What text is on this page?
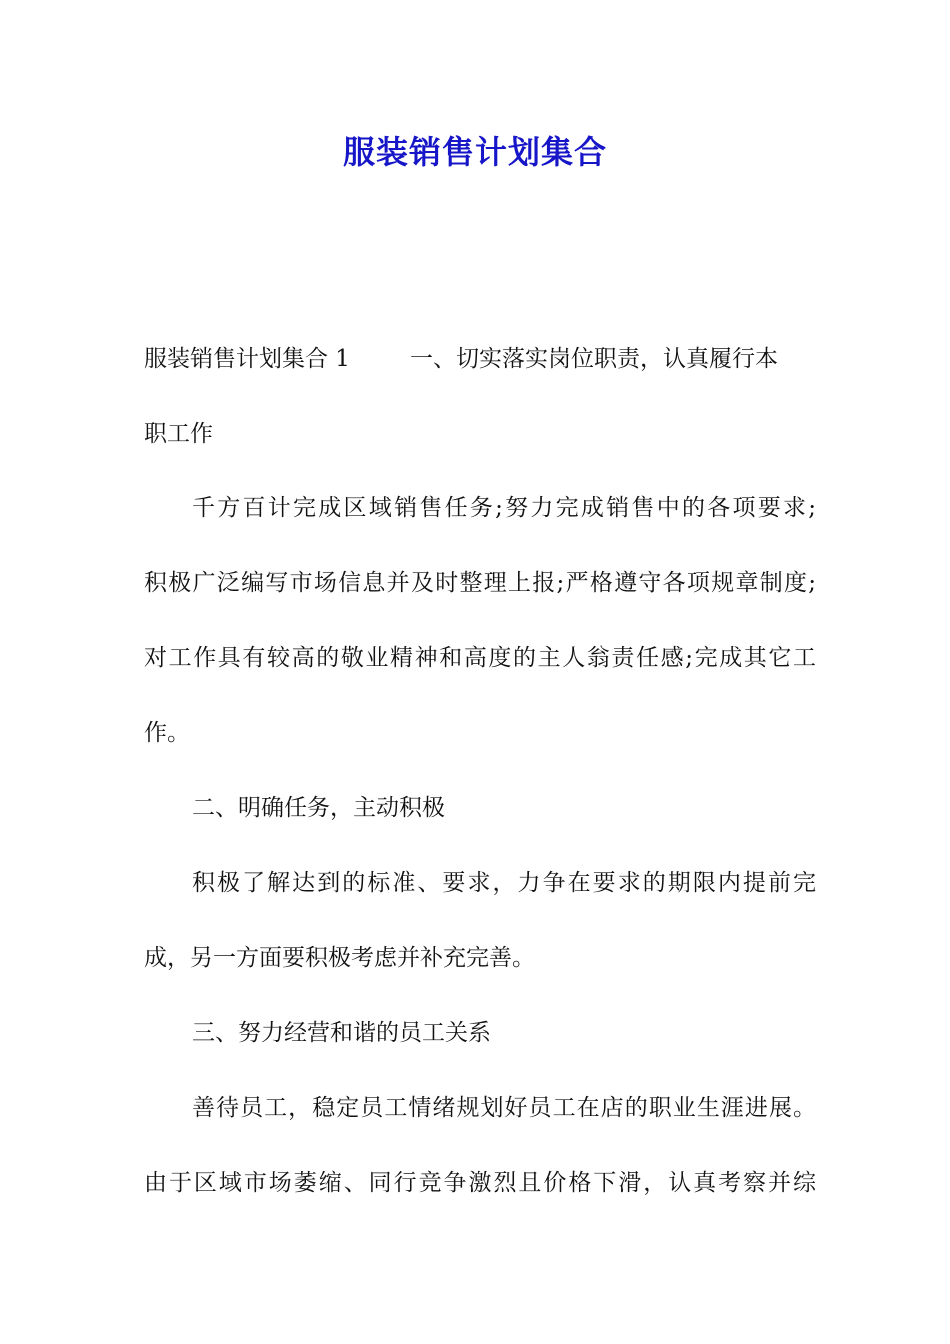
服装销售计划集合

服装销售计划集合 1	一、切实落实岗位职责，认真履行本

职工作

千方百计完成区域销售任务;努力完成销售中的各项要求;

积极广泛编写市场信息并及时整理上报;严格遵守各项规章制度;

对工作具有较高的敬业精神和高度的主人翁责任感;完成其它工

作。

二、明确任务，主动积极

积极了解达到的标准、要求，力争在要求的期限内提前完

成，另一方面要积极考虑并补充完善。

三、努力经营和谐的员工关系

善待员工，稳定员工情绪规划好员工在店的职业生涯进展。

由于区域市场萎缩、同行竞争激烈且价格下滑，认真考察并综
